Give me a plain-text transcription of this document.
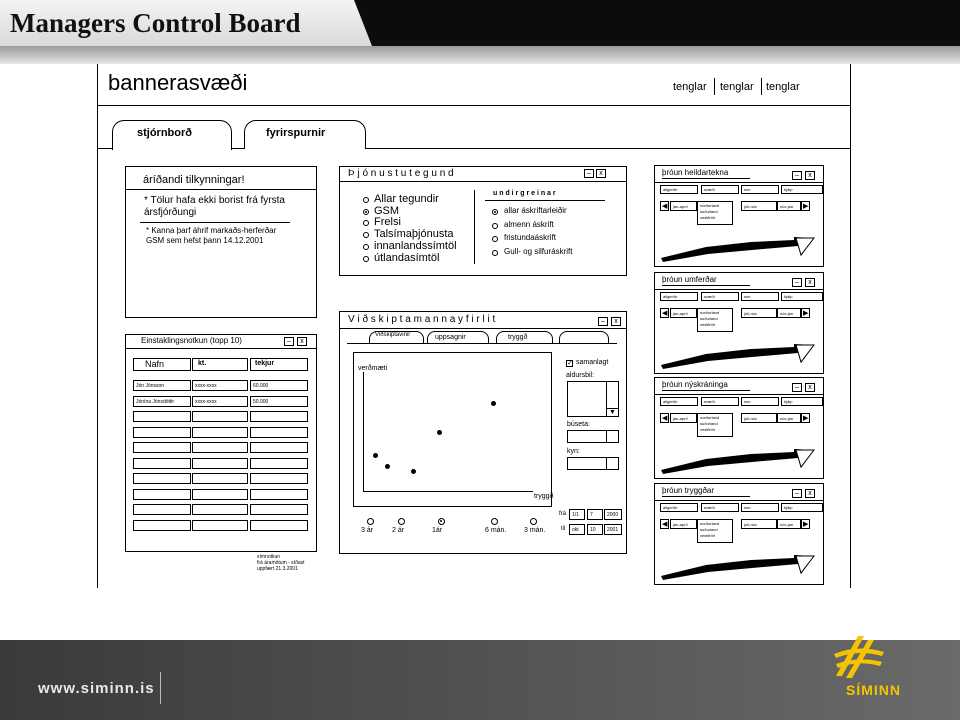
Managers Control Board
bannerasvæði	tenglar tenglar tenglar
stjórnborð	fyrirspurnir
áríðandi tilkynningar!
* Tölur hafa ekki borist frá fyrsta ársfjórðungi
* Kanna þarf áhrif markaðs-herferðar GSM sem hefst þann 14.12.2001
Þ j ó n u s t u t e g u n d	–	x
u n d i r g r e i n a r
Allar tegundir
GSM
Frelsi
Talsímaþjónusta
innanlandssímtöl
útlandasímtöl
allar áskriftarleiðir
almenn áskrift
fristundaáskrift
Gull- og silfuráskrift
Einstaklingsnotkun (topp 10)	–	x
Nafn	kt.	tekjur
Jón Jónsson	xxxx-xxxx	60.000
Jónína Jónsdóttir	xxxx-xxxx	50.000
símnotkun
frá áramótum - síðast
uppfært 21.3.2001
V i ð s k i p t a m a n n a y f i r l i t	–	x
Viðskiptavinir	uppsagnir	tryggð
verðmæti
tryggð
✓ samanlagt
aldursbil:
▼
búseta:
kyn:
3 ár	2 ár	1ár	6 mán.	3 mán.
frá	1/1	7	2000
til	okt	10	2001
þróun heildartekna	–	x
allgerðir	svæði	sím	hjálp
◀	jan-apríl	norðurland suðurland vestfirðir
júlí-nóv	nóv-jan	▶
þróun umferðar	–	x
allgerðir	svæði	sím	hjálp
◀	jan-apríl	norðurland suðurland vestfirðir
júlí-nóv	nóv-jan	▶
þróun nýskráninga	–	x
allgerðir	svæði	sím	hjálp
◀	jan-apríl	norðurland suðurland vestfirðir
júlí-nóv	nóv-jan	▶
þróun tryggðar	–	x
allgerðir	svæði	sím	hjálp
◀	jan-apríl	norðurland suðurland vestfirðir
júlí-nóv	nóv-jan	▶
www.siminn.is	SÍMINN
